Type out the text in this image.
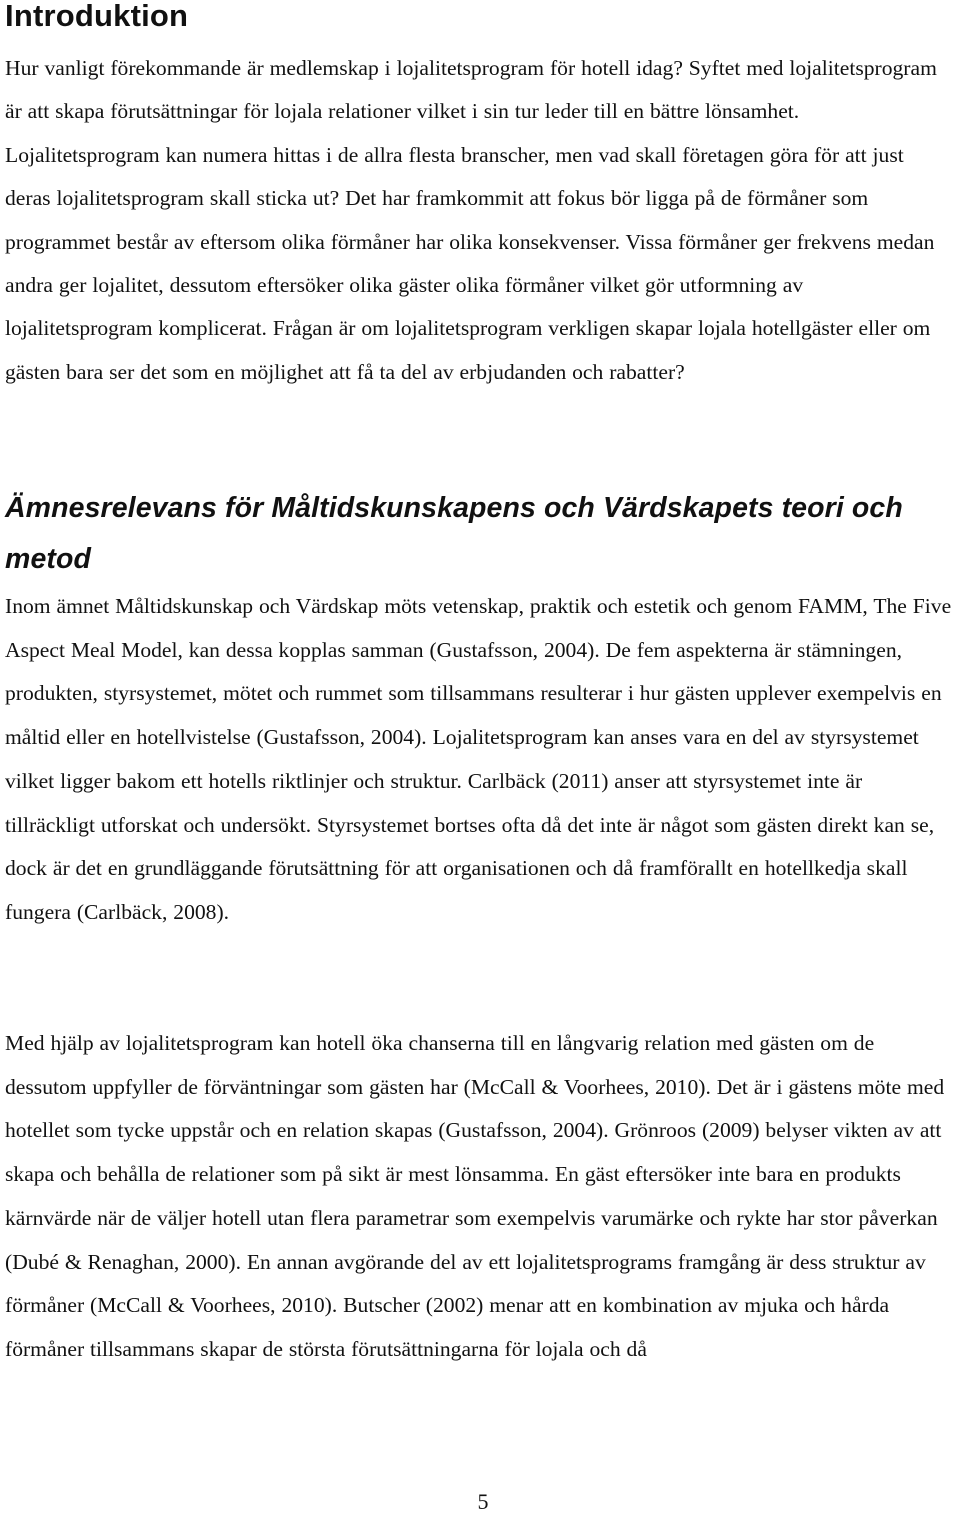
Introduktion

Hur vanligt förekommande är medlemskap i lojalitetsprogram för hotell idag? Syftet med lojalitetsprogram är att skapa förutsättningar för lojala relationer vilket i sin tur leder till en bättre lönsamhet. Lojalitetsprogram kan numera hittas i de allra flesta branscher, men vad skall företagen göra för att just deras lojalitetsprogram skall sticka ut? Det har framkommit att fokus bör ligga på de förmåner som programmet består av eftersom olika förmåner har olika konsekvenser. Vissa förmåner ger frekvens medan andra ger lojalitet, dessutom eftersöker olika gäster olika förmåner vilket gör utformning av lojalitetsprogram komplicerat. Frågan är om lojalitetsprogram verkligen skapar lojala hotellgäster eller om gästen bara ser det som en möjlighet att få ta del av erbjudanden och rabatter?

Ämnesrelevans för Måltidskunskapens och Värdskapets teori och metod

Inom ämnet Måltidskunskap och Värdskap möts vetenskap, praktik och estetik och genom FAMM, The Five Aspect Meal Model, kan dessa kopplas samman (Gustafsson, 2004). De fem aspekterna är stämningen, produkten, styrsystemet, mötet och rummet som tillsammans resulterar i hur gästen upplever exempelvis en måltid eller en hotellvistelse (Gustafsson, 2004). Lojalitetsprogram kan anses vara en del av styrsystemet vilket ligger bakom ett hotells riktlinjer och struktur. Carlbäck (2011) anser att styrsystemet inte är tillräckligt utforskat och undersökt. Styrsystemet bortses ofta då det inte är något som gästen direkt kan se, dock är det en grundläggande förutsättning för att organisationen och då framförallt en hotellkedja skall fungera (Carlbäck, 2008).

Med hjälp av lojalitetsprogram kan hotell öka chanserna till en långvarig relation med gästen om de dessutom uppfyller de förväntningar som gästen har (McCall & Voorhees, 2010). Det är i gästens möte med hotellet som tycke uppstår och en relation skapas (Gustafsson, 2004). Grönroos (2009) belyser vikten av att skapa och behålla de relationer som på sikt är mest lönsamma. En gäst eftersöker inte bara en produkts kärnvärde när de väljer hotell utan flera parametrar som exempelvis varumärke och rykte har stor påverkan (Dubé & Renaghan, 2000). En annan avgörande del av ett lojalitetsprograms framgång är dess struktur av förmåner (McCall & Voorhees, 2010). Butscher (2002) menar att en kombination av mjuka och hårda förmåner tillsammans skapar de största förutsättningarna för lojala och då

5
